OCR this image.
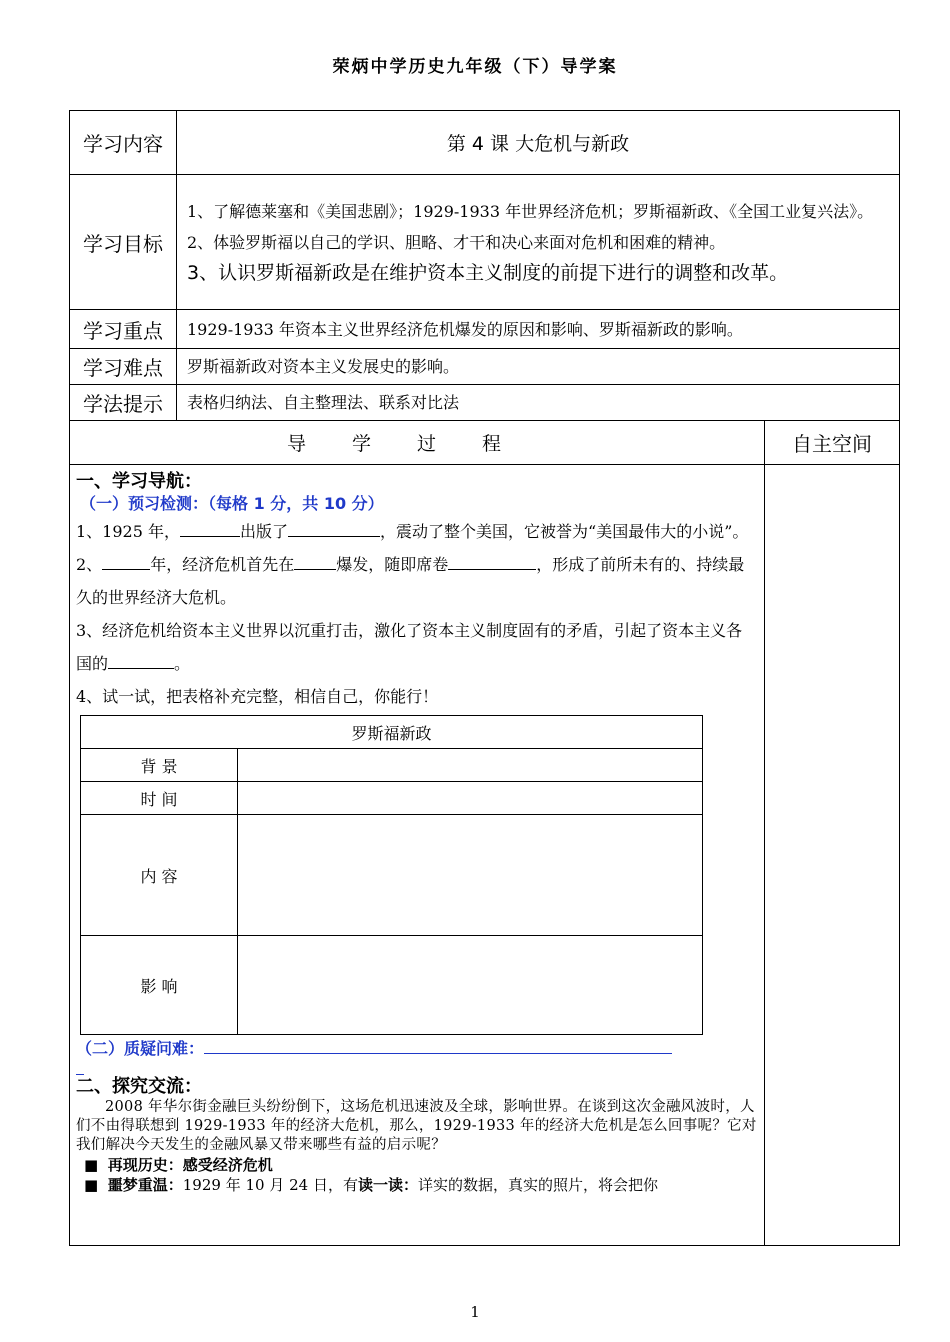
荣炳中学历史九年级（下）导学案
学习内容	第 4 课 大危机与新政
学习目标	
1、了解德莱塞和《美国悲剧》；1929-1933 年世界经济危机；罗斯福新政、《全国工业复兴法》。
2、体验罗斯福以自己的学识、胆略、才干和决心来面对危机和困难的精神。
3、认识罗斯福新政是在维护资本主义制度的前提下进行的调整和改革。

学习重点	1929-1933 年资本主义世界经济危机爆发的原因和影响、罗斯福新政的影响。
学习难点	罗斯福新政对资本主义发展史的影响。
学法提示	表格归纳法、自主整理法、联系对比法
导学过程	自主空间

一、学习导航：
（一）预习检测：（每格 1 分，共 10 分）
1、1925 年，	出版了	，震动了整个美国，它被誉为“美国最伟大的小说”。
2、	年，经济危机首先在	爆发，随即席卷	，形成了前所未有的、持续最久的世界经济大危机。
3、经济危机给资本主义世界以沉重打击，激化了资本主义制度固有的矛盾，引起了资本主义各国的	。
4、试一试，把表格补充完整，相信自己，你能行！
罗斯福新政
背 景	
时 间	
内 容	
影 响	
（二）质疑问难：
二、探究交流：
2008 年华尔街金融巨头纷纷倒下，这场危机迅速波及全球，影响世界。在谈到这次金融风波时，人们不由得联想到 1929-1933 年的经济大危机，那么，1929-1933 年的经济大危机是怎么回事呢？它对我们解决今天发生的金融风暴又带来哪些有益的启示呢？
■ 再现历史：感受经济危机
■ 噩梦重温：1929 年 10 月 24 日，有读一读：详实的数据，真实的照片，将会把你

1
